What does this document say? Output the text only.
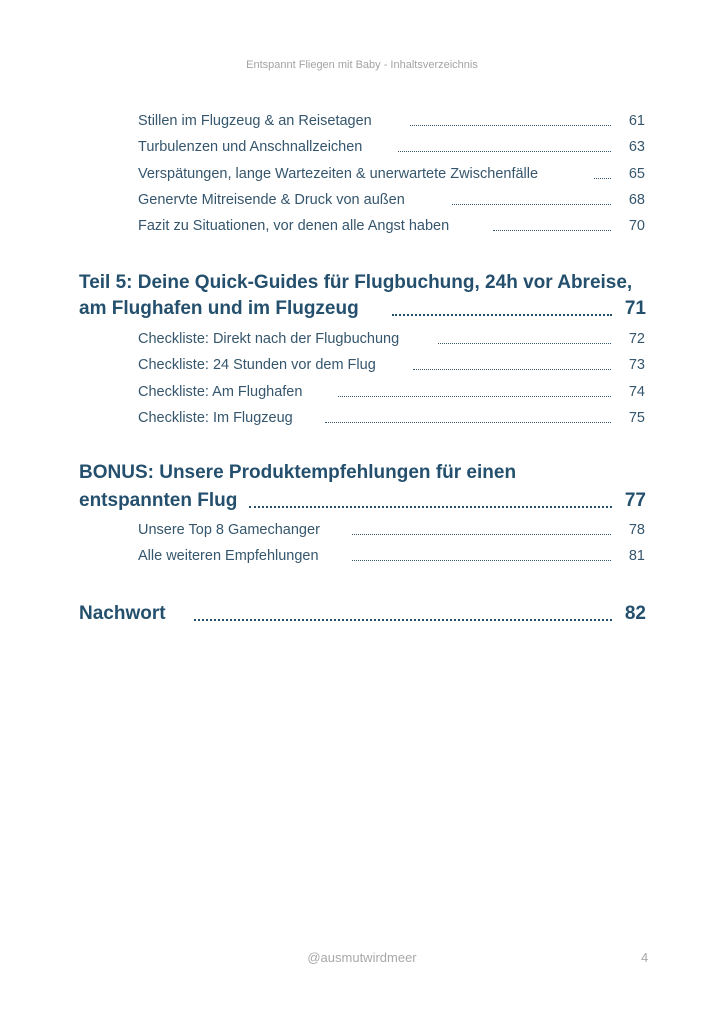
Entspannt Fliegen mit Baby - Inhaltsverzeichnis
Stillen im Flugzeug & an Reisetagen	61
Turbulenzen und Anschnallzeichen	63
Verspätungen, lange Wartezeiten & unerwartete Zwischenfälle	65
Genervte Mitreisende & Druck von außen	68
Fazit zu Situationen, vor denen alle Angst haben	70
Teil 5: Deine Quick-Guides für Flugbuchung, 24h vor Abreise,
am Flughafen und im Flugzeug	71
Checkliste: Direkt nach der Flugbuchung	72
Checkliste: 24 Stunden vor dem Flug	73
Checkliste: Am Flughafen	74
Checkliste: Im Flugzeug	75
BONUS: Unsere Produktempfehlungen für einen
entspannten Flug	77
Unsere Top 8 Gamechanger	78
Alle weiteren Empfehlungen	81
Nachwort	82
@ausmutwirdmeer	4
